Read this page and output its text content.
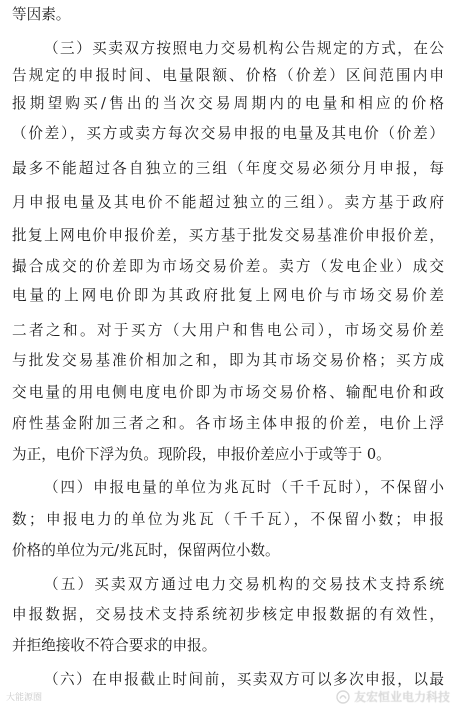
等因素。
（三）买卖双方按照电力交易机构公告规定的方式，在公
告规定的申报时间、电量限额、价格（价差）区间范围内申
报期望购买/售出的当次交易周期内的电量和相应的价格
（价差），买方或卖方每次交易申报的电量及其电价（价差）
最多不能超过各自独立的三组（年度交易必须分月申报，每
月申报电量及其电价不能超过独立的三组）。卖方基于政府
批复上网电价申报价差，买方基于批发交易基准价申报价差，
撮合成交的价差即为市场交易价差。卖方（发电企业）成交
电量的上网电价即为其政府批复上网电价与市场交易价差
二者之和。对于买方（大用户和售电公司），市场交易价差
与批发交易基准价相加之和，即为其市场交易价格；买方成
交电量的用电侧电度电价即为市场交易价格、输配电价和政
府性基金附加三者之和。各市场主体申报的价差，电价上浮
为正，电价下浮为负。现阶段，申报价差应小于或等于 0。
（四）申报电量的单位为兆瓦时（千千瓦时），不保留小
数；申报电力的单位为兆瓦（千千瓦），不保留小数；申报
价格的单位为元/兆瓦时，保留两位小数。
（五）买卖双方通过电力交易机构的交易技术支持系统
申报数据，交易技术支持系统初步核定申报数据的有效性，
并拒绝接收不符合要求的申报。
（六）在申报截止时间前，买卖双方可以多次申报，以最
大能源圈	友宏恒业电力科技
